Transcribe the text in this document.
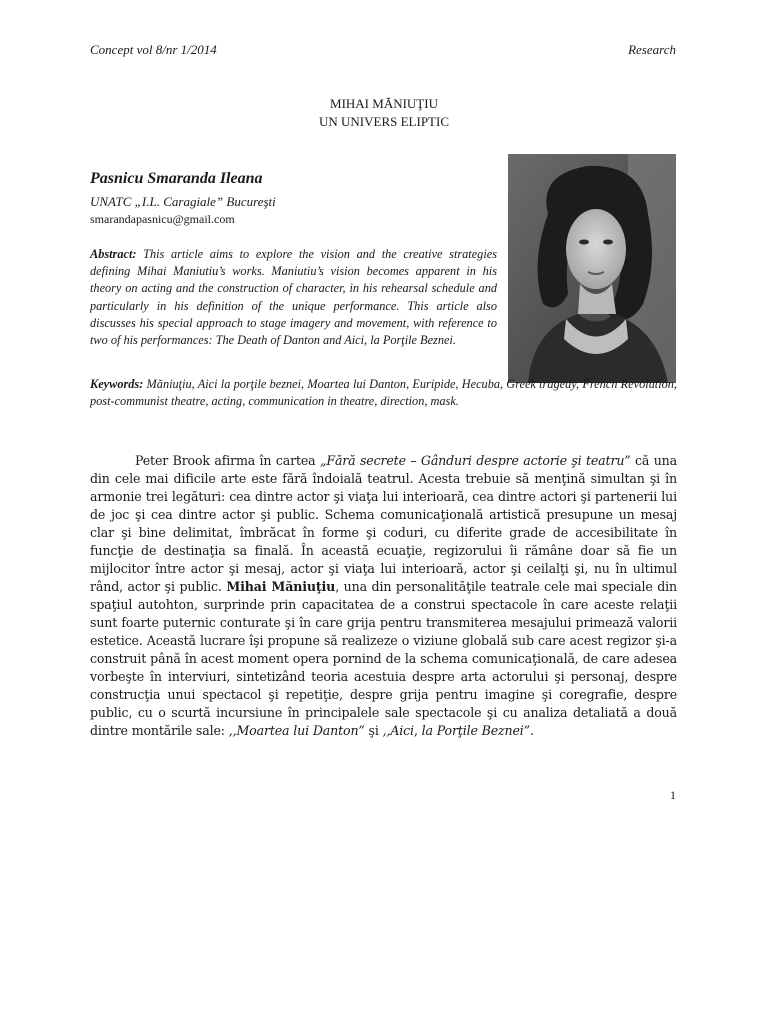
Concept vol 8/nr 1/2014	Research
MIHAI MĂNIUŢIU
UN UNIVERS ELIPTIC
Pasnicu Smaranda Ileana
UNATC „I.L. Caragiale” Bucureşti
smarandapasnicu@gmail.com
Abstract: This article aims to explore the vision and the creative strategies defining Mihai Maniutiu’s works. Maniutiu’s vision becomes apparent in his theory on acting and the construction of character, in his rehearsal schedule and particularly in his definition of the unique performance. This article also discusses his special approach to stage imagery and movement, with reference to two of his performances: The Death of Danton and Aici, la Porţile Beznei.
Keywords: Măniuţiu, Aici la porţile beznei, Moartea lui Danton, Euripide, Hecuba, Greek tragedy, French Revolution, post-communist theatre, acting, communication in theatre, direction, mask.
Peter Brook afirma în cartea „Fără secrete – Gânduri despre actorie şi teatru” că una din cele mai dificile arte este fără îndoială teatrul. Acesta trebuie să menţină simultan şi în armonie trei legături: cea dintre actor şi viaţa lui interioară, cea dintre actori şi partenerii lui de joc şi cea dintre actor şi public. Schema comunicaţională artistică presupune un mesaj clar şi bine delimitat, îmbrăcat în forme şi coduri, cu diferite grade de accesibilitate în funcţie de destinaţia sa finală. În această ecuaţie, regizorului îi rămâne doar să fie un mijlocitor între actor şi mesaj, actor şi viaţa lui interioară, actor şi ceilalţi şi, nu în ultimul rând, actor şi public. Mihai Măniuţiu, una din personalităţile teatrale cele mai speciale din spaţiul autohton, surprinde prin capacitatea de a construi spectacole în care aceste relaţii sunt foarte puternic conturate şi în care grija pentru transmiterea mesajului primează valorii estetice. Această lucrare îşi propune să realizeze o viziune globală sub care acest regizor şi-a construit până în acest moment opera pornind de la schema comunicaţională, de care adesea vorbeşte în interviuri, sintetizând teoria acestuia despre arta actorului şi personaj, despre construcţia unui spectacol şi repetiţie, despre grija pentru imagine şi coregrafie, despre public, cu o scurtă incursiune în principalele sale spectacole şi cu analiza detaliată a două dintre montările sale: ,,Moartea lui Danton” şi ,,Aici, la Porţile Beznei”.
1
